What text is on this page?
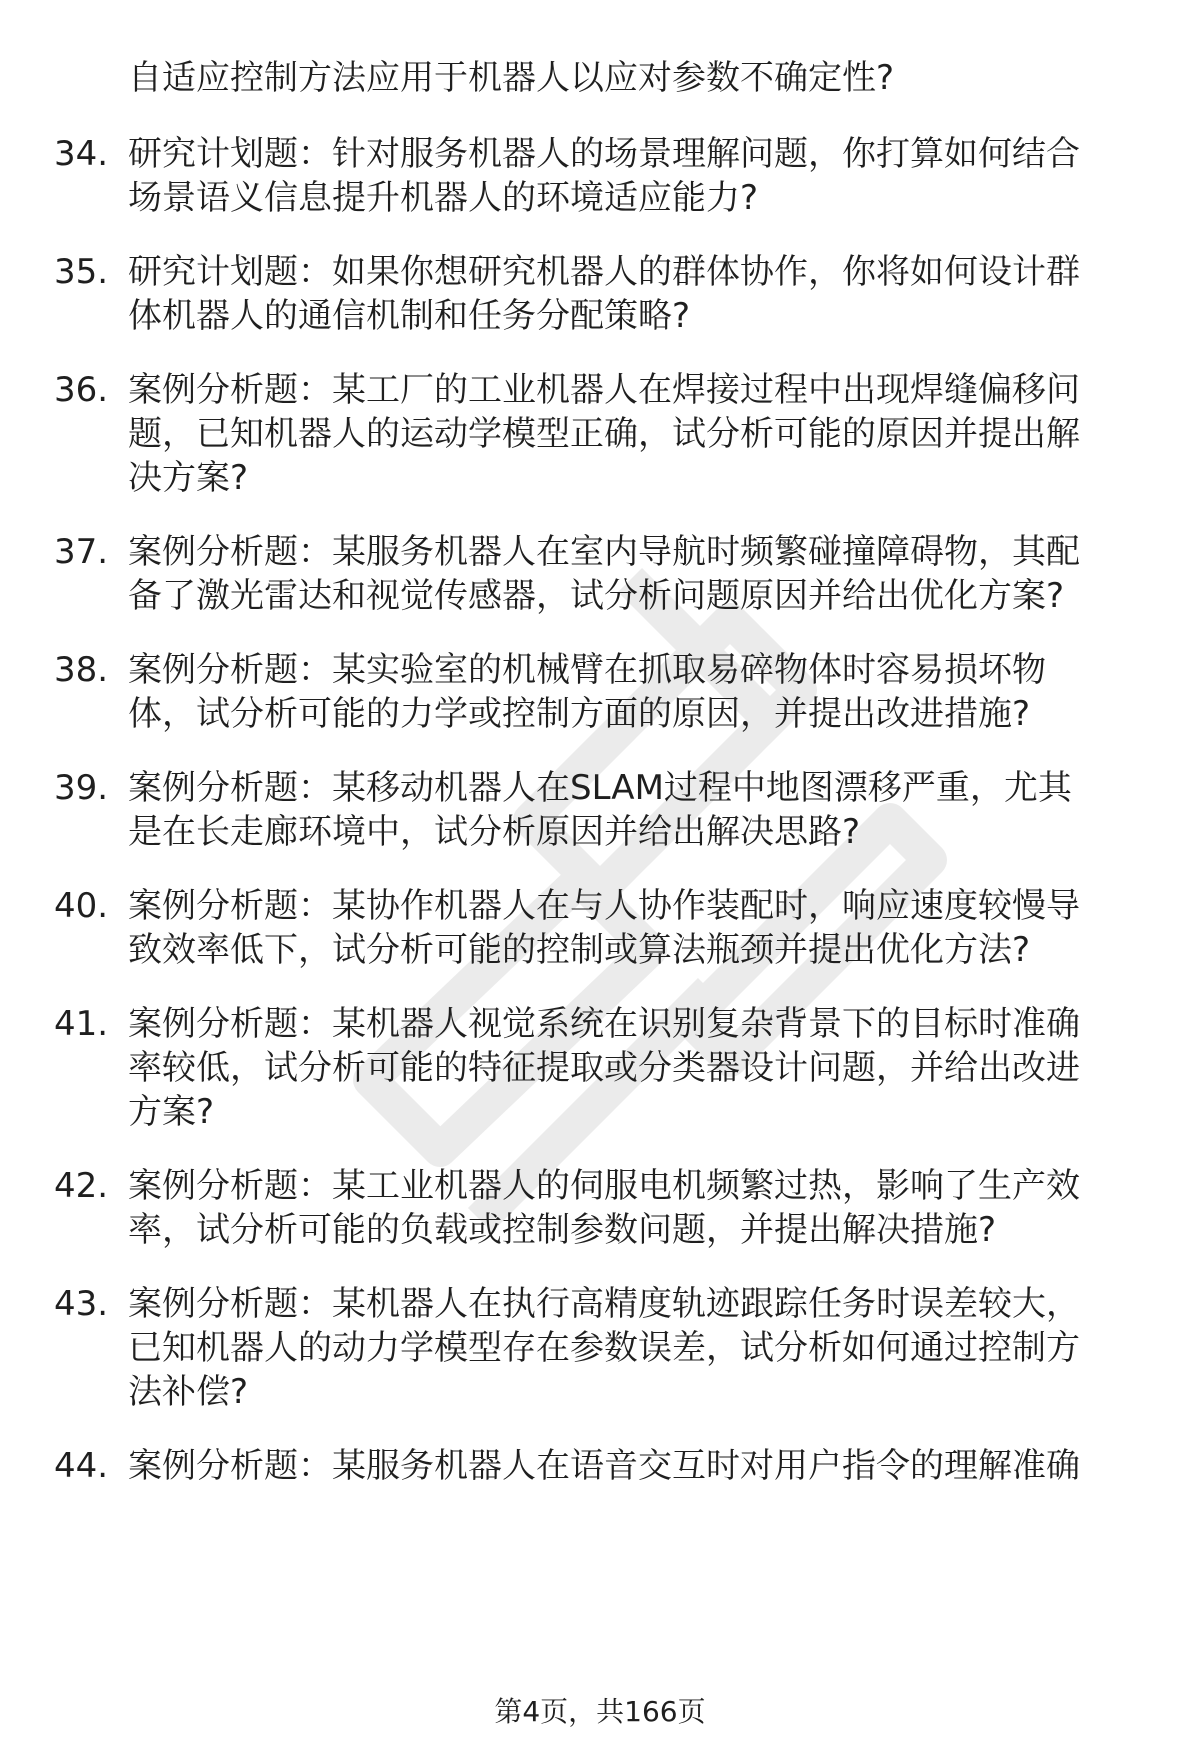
自适应控制方法应用于机器人以应对参数不确定性?
34. 研究计划题：针对服务机器人的场景理解问题，你打算如何结合
场景语义信息提升机器人的环境适应能力?
35. 研究计划题：如果你想研究机器人的群体协作，你将如何设计群
体机器人的通信机制和任务分配策略?
36. 案例分析题：某工厂的工业机器人在焊接过程中出现焊缝偏移问
题，已知机器人的运动学模型正确，试分析可能的原因并提出解
决方案?
37. 案例分析题：某服务机器人在室内导航时频繁碰撞障碍物，其配
备了激光雷达和视觉传感器，试分析问题原因并给出优化方案?
38. 案例分析题：某实验室的机械臂在抓取易碎物体时容易损坏物
体，试分析可能的力学或控制方面的原因，并提出改进措施?
39. 案例分析题：某移动机器人在SLAM过程中地图漂移严重，尤其
是在长走廊环境中，试分析原因并给出解决思路?
40. 案例分析题：某协作机器人在与人协作装配时，响应速度较慢导
致效率低下，试分析可能的控制或算法瓶颈并提出优化方法?
41. 案例分析题：某机器人视觉系统在识别复杂背景下的目标时准确
率较低，试分析可能的特征提取或分类器设计问题，并给出改进
方案?
42. 案例分析题：某工业机器人的伺服电机频繁过热，影响了生产效
率，试分析可能的负载或控制参数问题，并提出解决措施?
43. 案例分析题：某机器人在执行高精度轨迹跟踪任务时误差较大，
已知机器人的动力学模型存在参数误差，试分析如何通过控制方
法补偿?
44. 案例分析题：某服务机器人在语音交互时对用户指令的理解准确
第4页，共166页
